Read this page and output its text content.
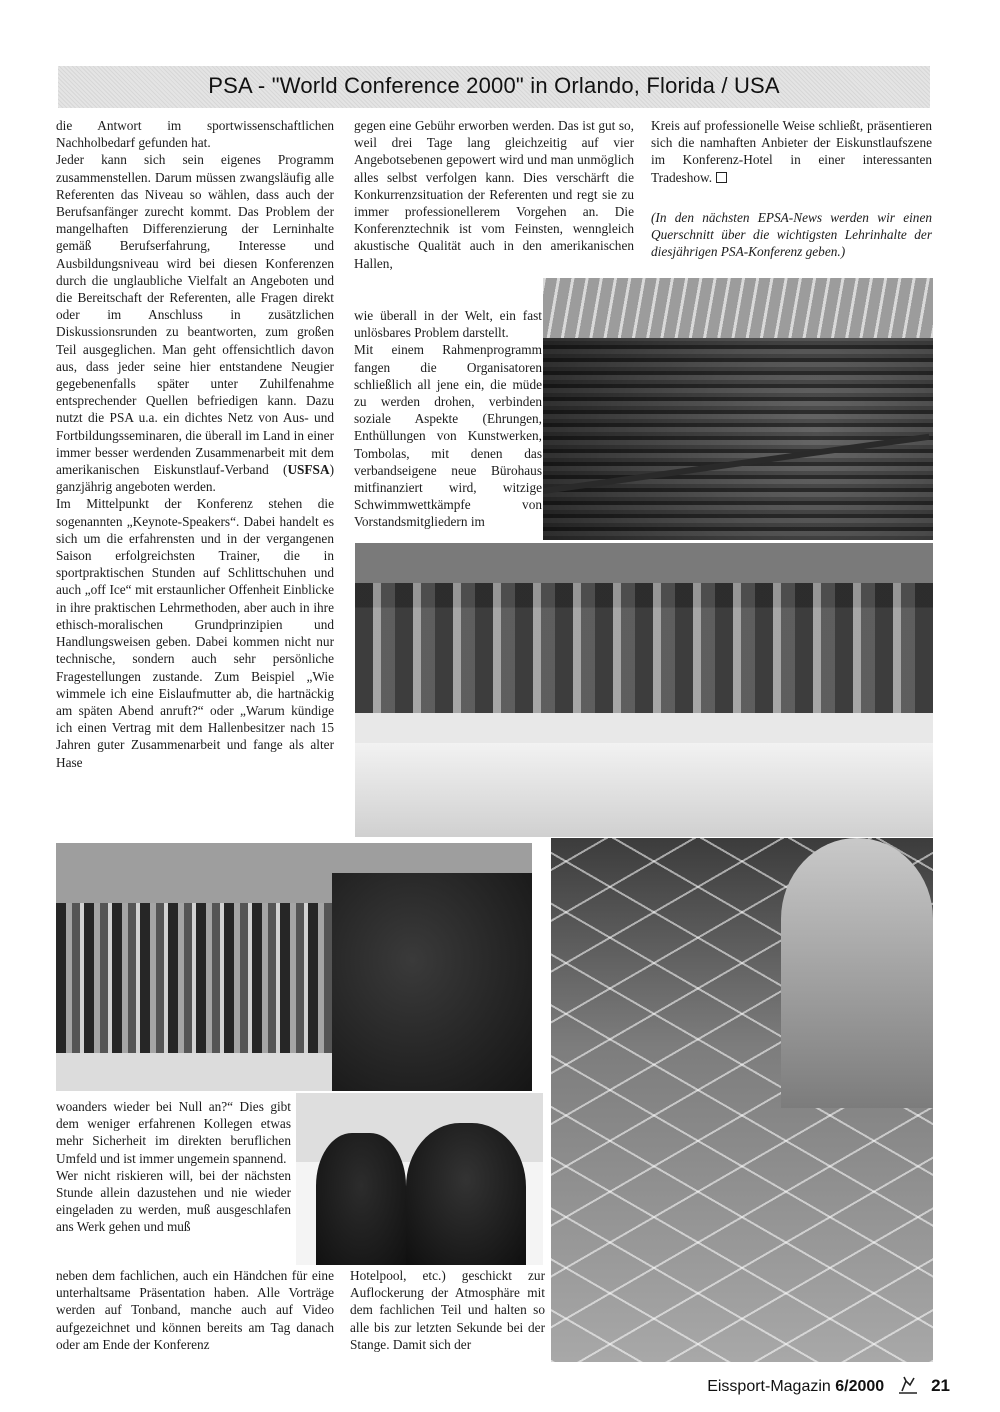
PSA - "World Conference 2000" in Orlando, Florida / USA

die Antwort im sportwissenschaftlichen Nachholbedarf gefunden hat.

Jeder kann sich sein eigenes Programm zusammenstellen. Darum müssen zwangsläufig alle Referenten das Niveau so wählen, dass auch der Berufsanfänger zurecht kommt. Das Problem der mangelhaften Differenzierung der Lerninhalte gemäß Berufserfahrung, Interesse und Ausbildungsniveau wird bei diesen Konferenzen durch die unglaubliche Vielfalt an Angeboten und die Bereitschaft der Referenten, alle Fragen direkt oder im Anschluss in zusätzlichen Diskussionsrunden zu beantworten, zum großen Teil ausgeglichen. Man geht offensichtlich davon aus, dass jeder seine hier entstandene Neugier gegebenenfalls später unter Zuhilfenahme entsprechender Quellen befriedigen kann. Dazu nutzt die PSA u.a. ein dichtes Netz von Aus- und Fortbildungsseminaren, die überall im Land in einer immer besser werdenden Zusammenarbeit mit dem amerikanischen Eiskunstlauf-Verband (USFSA) ganzjährig angeboten werden.

Im Mittelpunkt der Konferenz stehen die sogenannten „Keynote-Speakers“. Dabei handelt es sich um die erfahrensten und in der vergangenen Saison erfolgreichsten Trainer, die in sportpraktischen Stunden auf Schlittschuhen und auch „off Ice“ mit erstaunlicher Offenheit Einblicke in ihre praktischen Lehrmethoden, aber auch in ihre ethisch-moralischen Grundprinzipien und Handlungsweisen geben. Dabei kommen nicht nur technische, sondern auch sehr persönliche Fragestellungen zustande. Zum Beispiel „Wie wimmele ich eine Eislaufmutter ab, die hartnäckig am späten Abend anruft?“ oder „Warum kündige ich einen Vertrag mit dem Hallenbesitzer nach 15 Jahren guter Zusammenarbeit und fange als alter Hase

gegen eine Gebühr erworben werden. Das ist gut so, weil drei Tage lang gleichzeitig auf vier Angebotsebenen gepowert wird und man unmöglich alles selbst verfolgen kann. Dies verschärft die Konkurrenzsituation der Referenten und regt sie zu immer professionellerem Vorgehen an. Die Konferenztechnik ist vom Feinsten, wenngleich akustische Qualität auch in den amerikanischen Hallen,

wie überall in der Welt, ein fast unlösbares Problem darstellt.

Mit einem Rahmenprogramm fangen die Organisatoren schließlich all jene ein, die müde zu werden drohen, verbinden soziale Aspekte (Ehrungen, Enthüllungen von Kunstwerken, Tombolas, mit denen das verbandseigene neue Bürohaus mitfinanziert wird, witzige Schwimmwettkämpfe von Vorstandsmitgliedern im

Kreis auf professionelle Weise schließt, präsentieren sich die namhaften Anbieter der Eiskunstlaufszene im Konferenz-Hotel in einer interessanten Tradeshow.

(In den nächsten EPSA-News werden wir einen Querschnitt über die wichtigsten Lehrinhalte der diesjährigen PSA-Konferenz geben.)

woanders wieder bei Null an?“ Dies gibt dem weniger erfahrenen Kollegen etwas mehr Sicherheit im direkten beruflichen Umfeld und ist immer ungemein spannend.

Wer nicht riskieren will, bei der nächsten Stunde allein dazustehen und nie wieder eingeladen zu werden, muß ausgeschlafen ans Werk gehen und muß

neben dem fachlichen, auch ein Händchen für eine unterhaltsame Präsentation haben. Alle Vorträge werden auf Tonband, manche auch auf Video aufgezeichnet und können bereits am Tag danach oder am Ende der Konferenz

Hotelpool, etc.) geschickt zur Auflockerung der Atmosphäre mit dem fachlichen Teil und halten so alle bis zur letzten Sekunde bei der Stange. Damit sich der

Eissport-Magazin 6/2000	21
